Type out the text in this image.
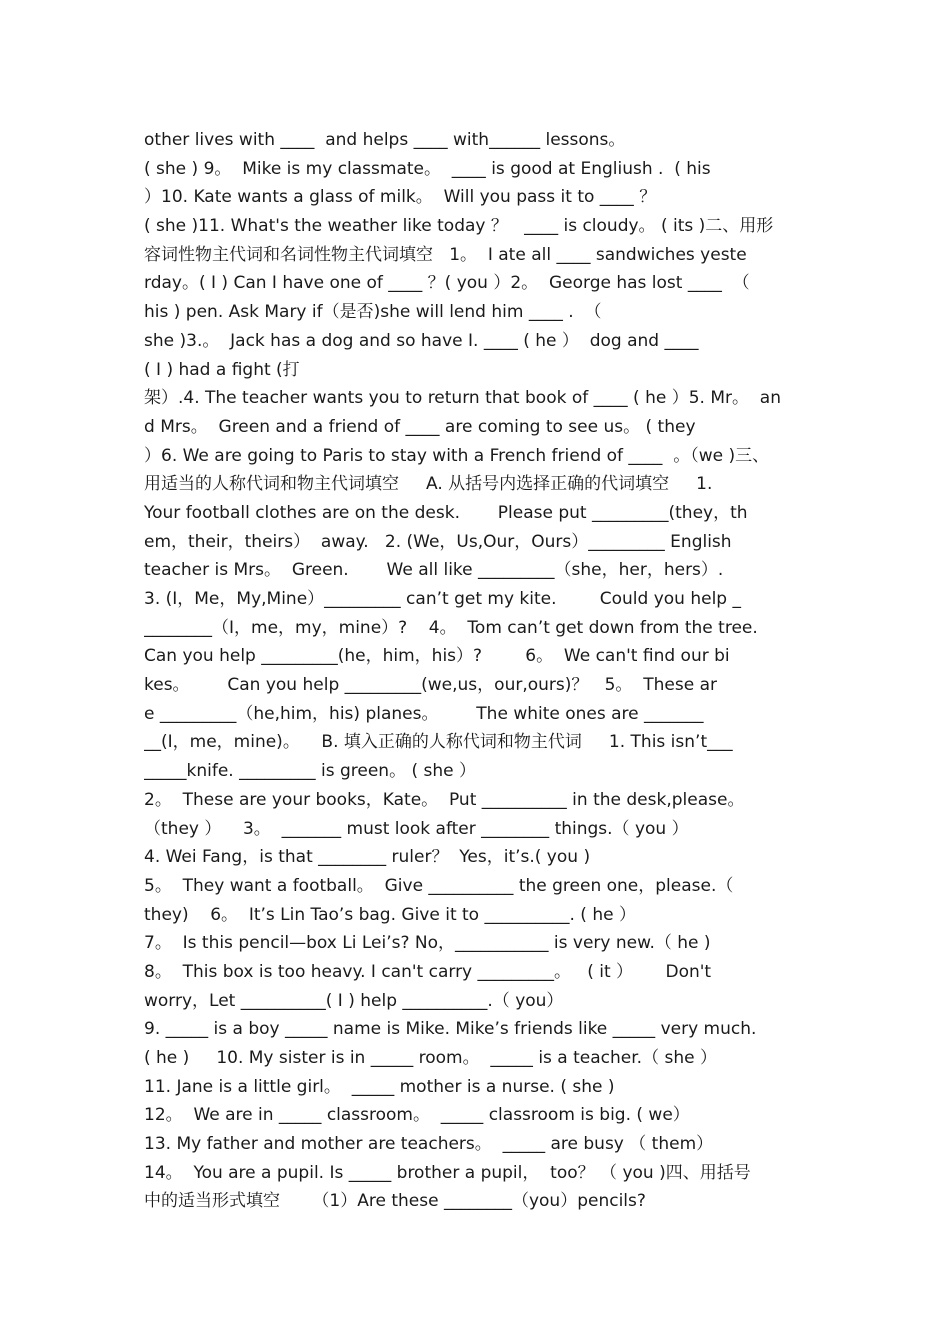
other lives with ____  and helps ____ with______ lessons。
( she ) 9。  Mike is my classmate。  ____ is good at Engliush .  ( his
）10. Kate wants a glass of milk。  Will you pass it to ____ ？
( she )11. What's the weather like today ？   ____ is cloudy。 ( its )二、用形
容词性物主代词和名词性物主代词填空   1。  I ate all ____ sandwiches yeste
rday。( I ) Can I have one of ____ ？( you ）2。  George has lost ____  （
his ) pen. Ask Mary if（是否)she will lend him ____ .  （
she )3.。  Jack has a dog and so have I. ____ ( he ）  dog and ____
( I ) had a fight (打
架）.4. The teacher wants you to return that book of ____ ( he ）5. Mr。  an
d Mrs。  Green and a friend of ____ are coming to see us。 ( they
）6. We are going to Paris to stay with a French friend of ____  。（we )三、
用适当的人称代词和物主代词填空     A. 从括号内选择正确的代词填空     1.
Your football clothes are on the desk.       Please put _________(they，th
em，their，theirs）  away.   2. (We，Us,Our，Ours）_________ English
teacher is Mrs。  Green.       We all like _________（she，her，hers）.
3. (I，Me，My,Mine）_________ can’t get my kite.        Could you help _
________（I，me，my，mine）?    4。  Tom can’t get down from the tree.
Can you help _________(he，him，his）?        6。  We can't find our bi
kes。       Can you help _________(we,us，our,ours)？   5。  These ar
e _________（he,him，his) planes。       The white ones are _______
__(I，me，mine)。    B. 填入正确的人称代词和物主代词     1. This isn’t___
_____knife. _________ is green。 ( she ）
2。  These are your books，Kate。  Put __________ in the desk,please。
（they ）    3。  _______ must look after ________ things.（ you ）
4. Wei Fang，is that ________ ruler？  Yes，it’s.( you )
5。  They want a football。  Give __________ the green one，please.（
they)    6。  It’s Lin Tao’s bag. Give it to __________. ( he ）
7。  Is this pencil—box Li Lei’s? No，___________ is very new.（ he )
8。  This box is too heavy. I can't carry _________。   ( it ）      Don't
worry，Let __________( I ) help __________.（ you）
9. _____ is a boy _____ name is Mike. Mike’s friends like _____ very much.
( he )     10. My sister is in _____ room。  _____ is a teacher.（ she ）
11. Jane is a little girl。  _____ mother is a nurse. ( she )
12。  We are in _____ classroom。  _____ classroom is big. ( we）
13. My father and mother are teachers。  _____ are busy （ them）
14。  You are a pupil. Is _____ brother a pupil，  too？ （ you )四、用括号
中的适当形式填空      （1）Are these ________（you）pencils?
